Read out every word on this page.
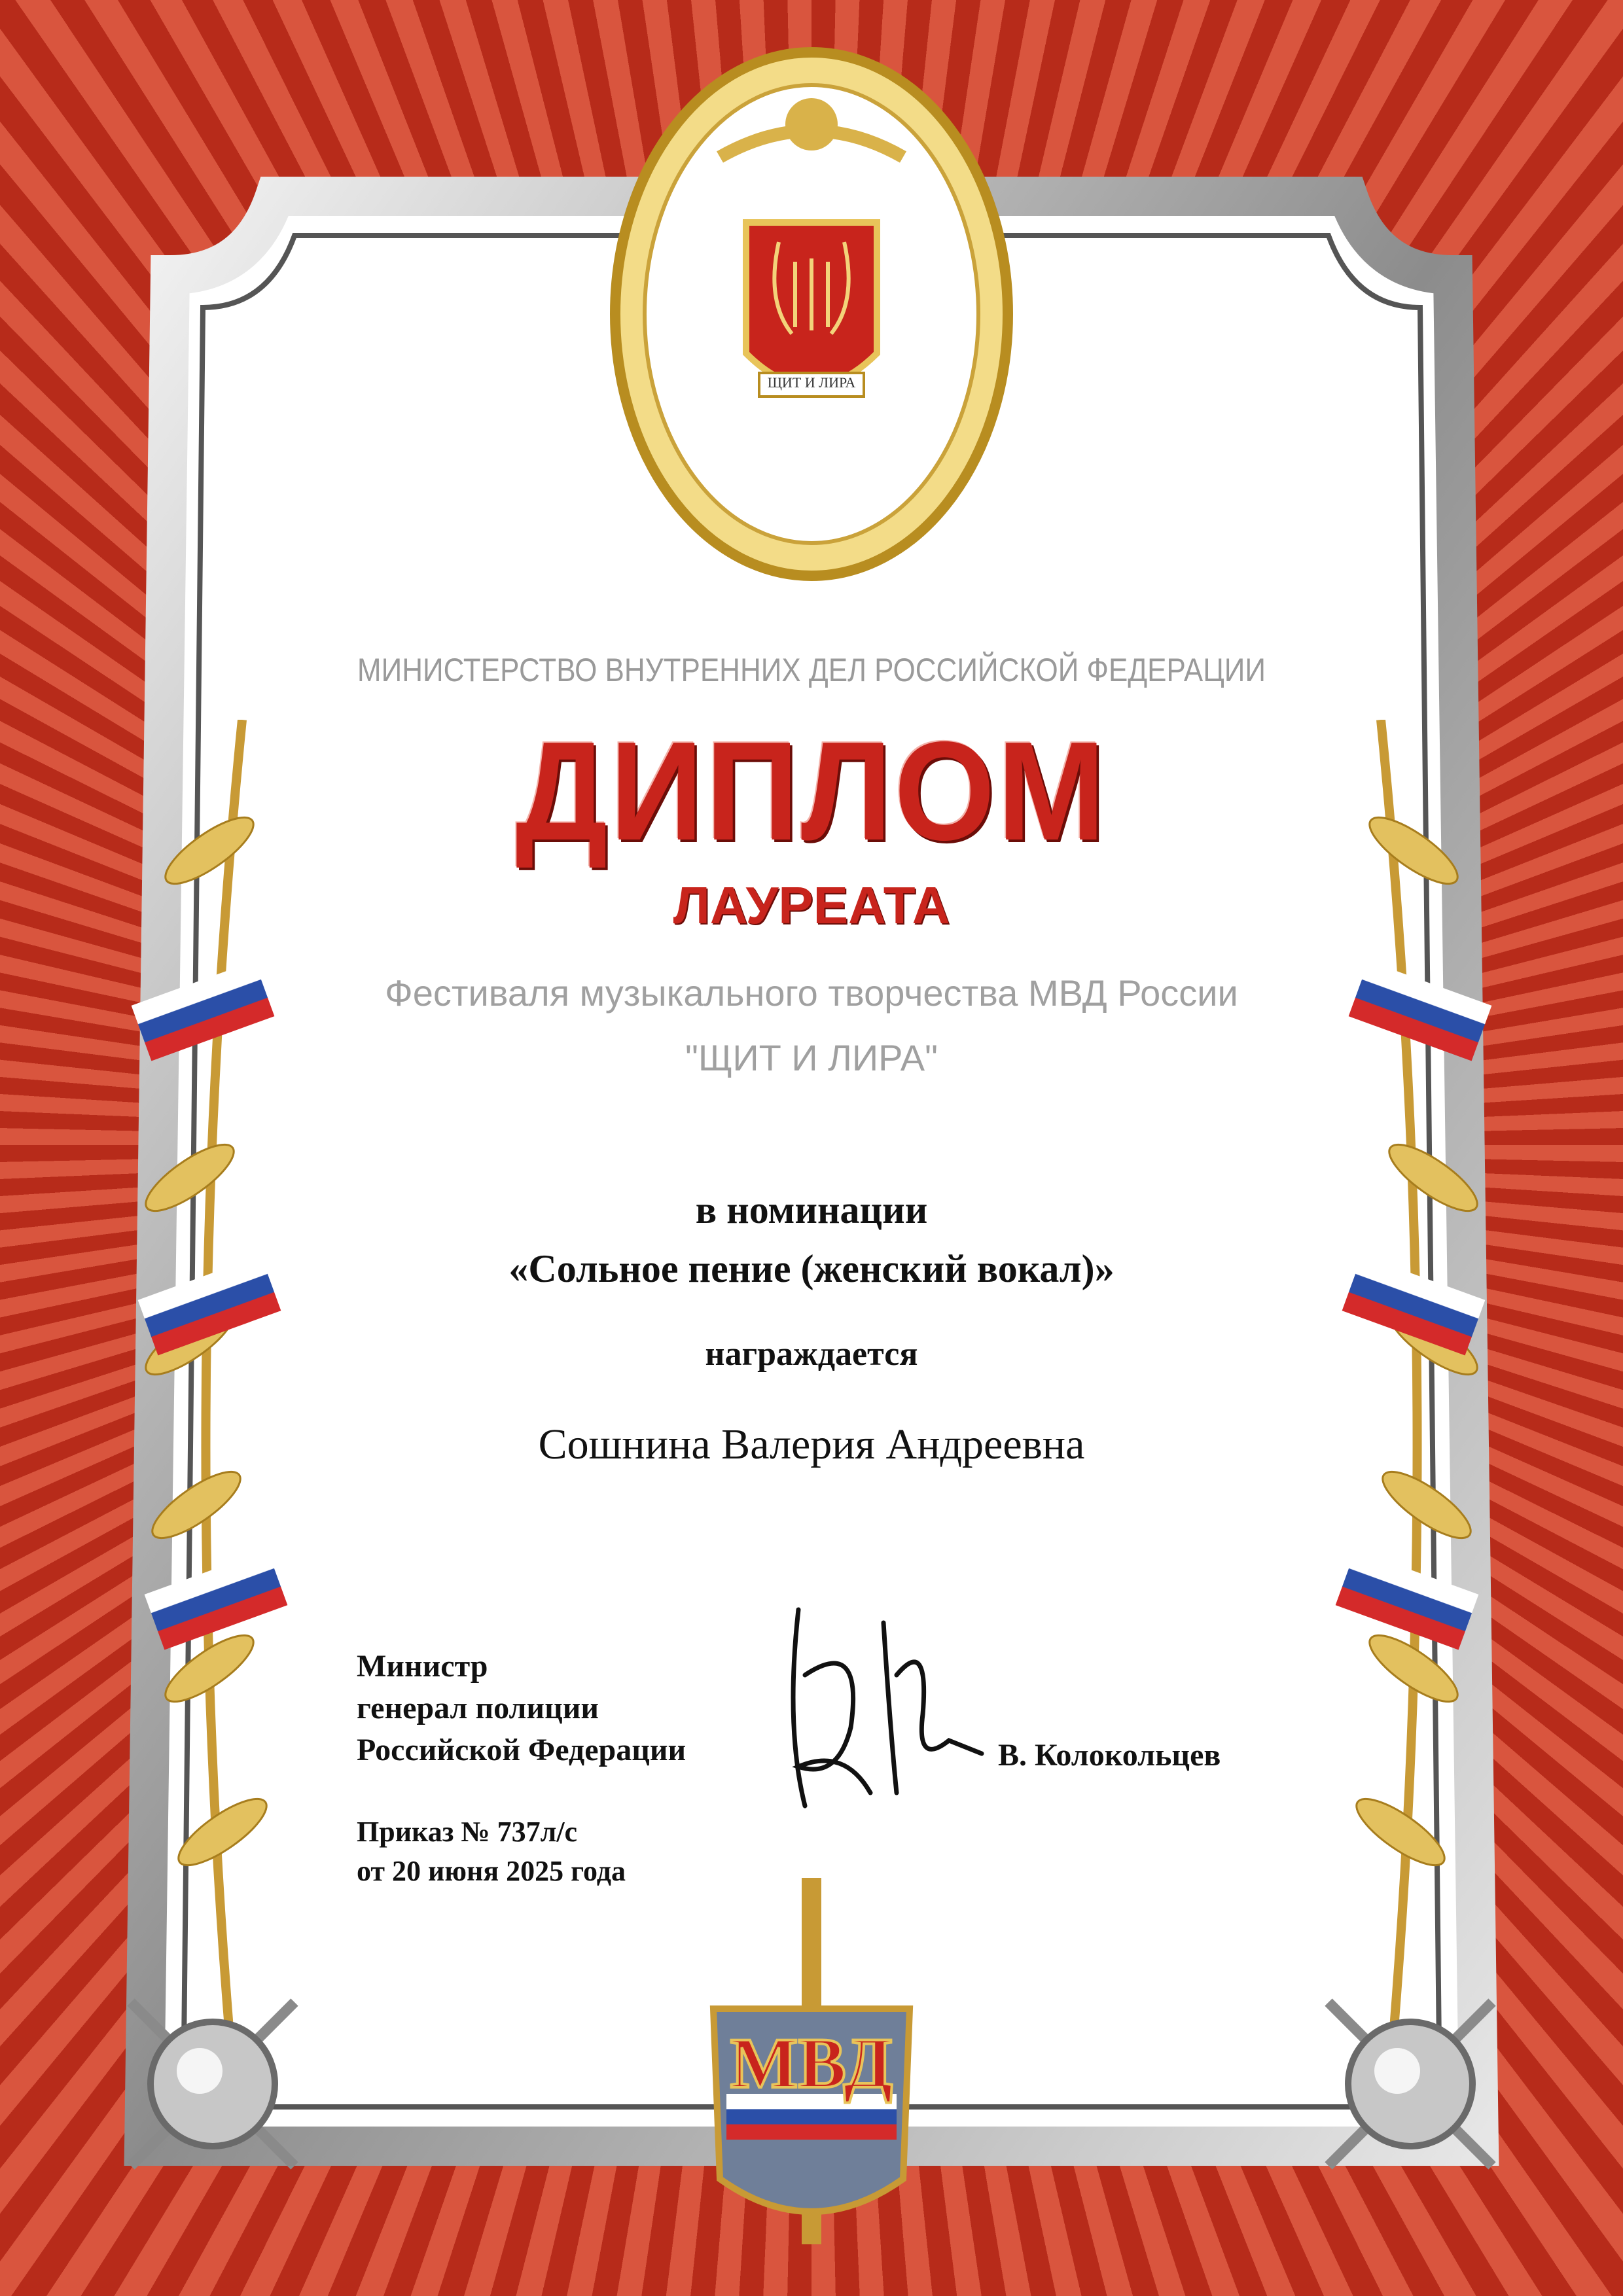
ЩИТ И ЛИРА
МИНИСТЕРСТВО ВНУТРЕННИХ ДЕЛ РОССИЙСКОЙ ФЕДЕРАЦИИ
ДИПЛОМ
ЛАУРЕАТА
Фестиваля музыкального творчества МВД России
"ЩИТ И ЛИРА"
в номинации
«Сольное пение (женский вокал)»
награждается
Сошнина Валерия Андреевна
Министр
генерал полиции
Российской Федерации	В. Колокольцев
Приказ № 737л/с
от 20 июня 2025 года
МВД
